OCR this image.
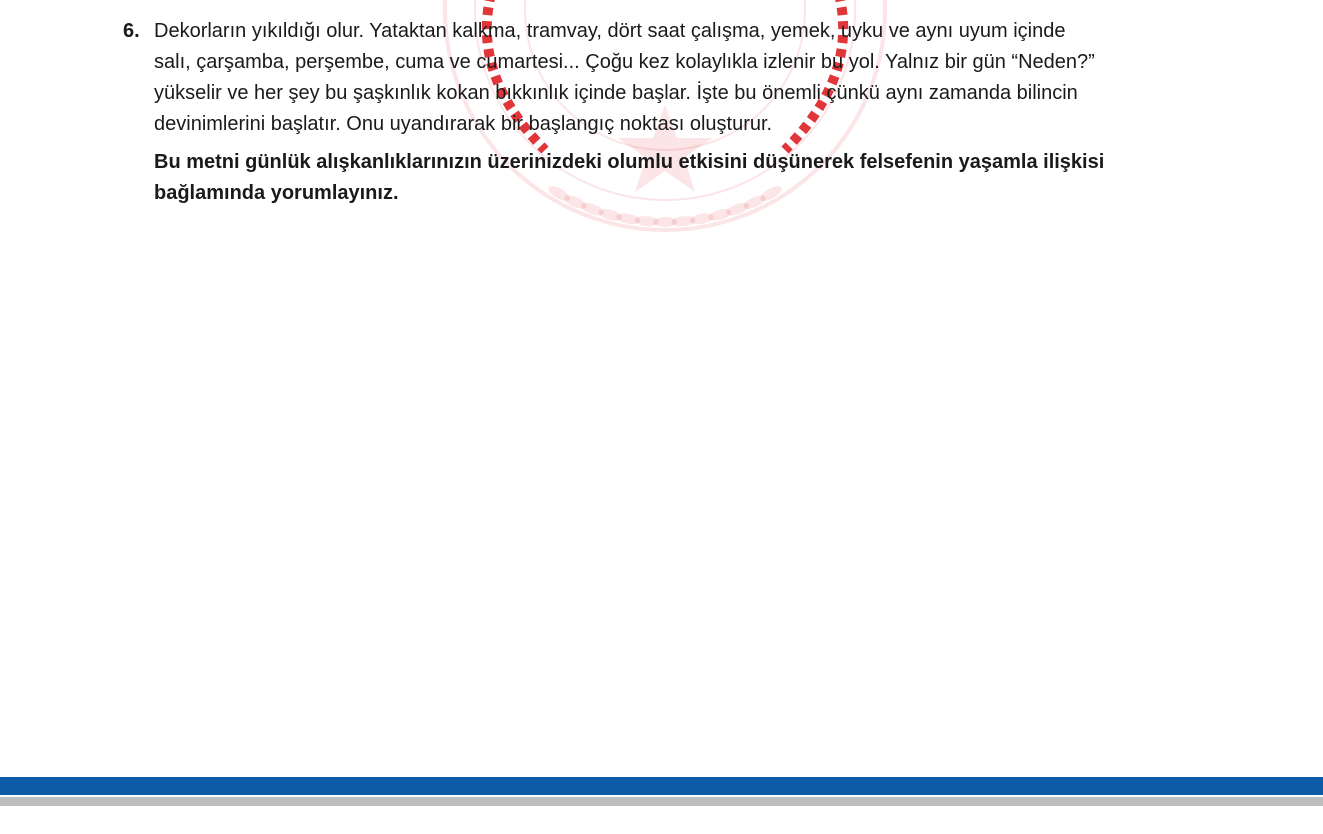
6. Dekorların yıkıldığı olur. Yataktan kalkma, tramvay, dört saat çalışma, yemek, uyku ve aynı uyum içinde
salı, çarşamba, perşembe, cuma ve cumartesi... Çoğu kez kolaylıkla izlenir bu yol. Yalnız bir gün “Neden?”
yükselir ve her şey bu şaşkınlık kokan bıkkınlık içinde başlar. İşte bu önemli çünkü aynı zamanda bilincin
devinimlerini başlatır. Onu uyandırarak bir başlangıç noktası oluşturur.

Bu metni günlük alışkanlıklarınızın üzerinizdeki olumlu etkisini düşünerek felsefenin yaşamla ilişkisi
bağlamında yorumlayınız.
